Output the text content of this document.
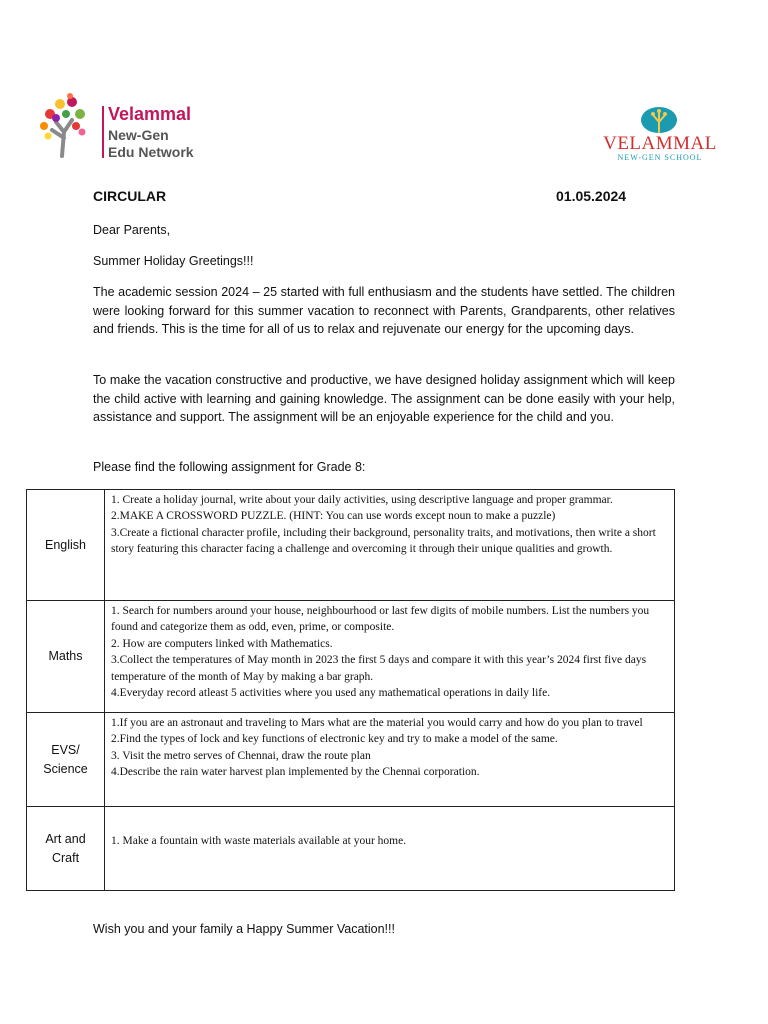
Velammal
New-Gen
Edu Network	VELAMMAL
NEW-GEN SCHOOL
CIRCULAR	01.05.2024

Dear Parents,

Summer Holiday Greetings!!!

The academic session 2024 – 25 started with full enthusiasm and the students have settled. The children were looking forward for this summer vacation to reconnect with Parents, Grandparents, other relatives and friends. This is the time for all of us to relax and rejuvenate our energy for the upcoming days.

To make the vacation constructive and productive, we have designed holiday assignment which will keep the child active with learning and gaining knowledge. The assignment can be done easily with your help, assistance and support. The assignment will be an enjoyable experience for the child and you.

Please find the following assignment for Grade 8:

English	1. Create a holiday journal, write about your daily activities, using descriptive language and proper grammar.
2.MAKE A CROSSWORD PUZZLE. (HINT: You can use words except noun to make a puzzle)
3.Create a fictional character profile, including their background, personality traits, and motivations, then write a short story featuring this character facing a challenge and overcoming it through their unique qualities and growth.

Maths	1. Search for numbers around your house, neighbourhood or last few digits of mobile numbers. List the numbers you found and categorize them as odd, even, prime, or composite.
2. How are computers linked with Mathematics.
3.Collect the temperatures of May month in 2023 the first 5 days and compare it with this year’s 2024 first five days temperature of the month of May by making a bar graph.
4.Everyday record atleast 5 activities where you used any mathematical operations in daily life.

EVS/
Science	1.If you are an astronaut and traveling to Mars what are the material you would carry and how do you plan to travel
2.Find the types of lock and key functions of electronic key and try to make a model of the same.
3. Visit the metro serves of Chennai, draw the route plan
4.Describe the rain water harvest plan implemented by the Chennai corporation.

Art and
Craft	1. Make a fountain with waste materials available at your home.

Wish you and your family a Happy Summer Vacation!!!
